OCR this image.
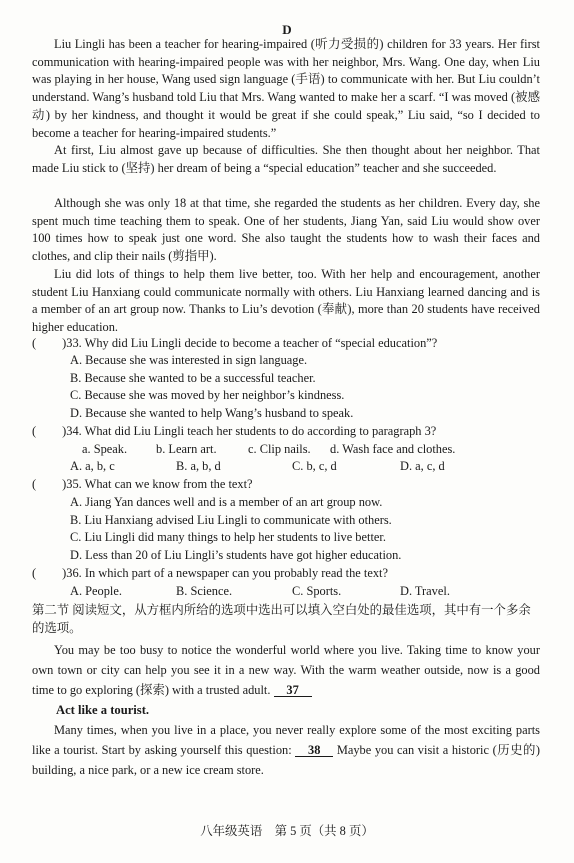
D

Liu Lingli has been a teacher for hearing-impaired (听力受损的) children for 33 years. Her first communication with hearing-impaired people was with her neighbor, Mrs. Wang. One day, when Liu was playing in her house, Wang used sign language (手语) to communicate with her. But Liu couldn’t understand. Wang’s husband told Liu that Mrs. Wang wanted to make her a scarf. “I was moved (被感动) by her kindness, and thought it would be great if she could speak,” Liu said, “so I decided to become a teacher for hearing-impaired students.”

At first, Liu almost gave up because of difficulties. She then thought about her neighbor. That made Liu stick to (坚持) her dream of being a “special education” teacher and she succeeded.

Although she was only 18 at that time, she regarded the students as her children. Every day, she spent much time teaching them to speak. One of her students, Jiang Yan, said Liu would show over 100 times how to speak just one word. She also taught the students how to wash their faces and clothes, and clip their nails (剪指甲).

Liu did lots of things to help them live better, too. With her help and encouragement, another student Liu Hanxiang could communicate normally with others. Liu Hanxiang learned dancing and is a member of an art group now. Thanks to Liu’s devotion (奉献), more than 20 students have received higher education.

( )33. Why did Liu Lingli decide to become a teacher of “special education”?
A. Because she was interested in sign language.
B. Because she wanted to be a successful teacher.
C. Because she was moved by her neighbor’s kindness.
D. Because she wanted to help Wang’s husband to speak.
( )34. What did Liu Lingli teach her students to do according to paragraph 3?
a. Speak. b. Learn art.	c. Clip nails. d. Wash face and clothes.
A. a, b, c	B. a, b, d	C. b, c, d	D. a, c, d
( )35. What can we know from the text?
A. Jiang Yan dances well and is a member of an art group now.
B. Liu Hanxiang advised Liu Lingli to communicate with others.
C. Liu Lingli did many things to help her students to live better.
D. Less than 20 of Liu Lingli’s students have got higher education.
( )36. In which part of a newspaper can you probably read the text?
A. People.	B. Science.	C. Sports.	D. Travel.

第二节 阅读短文，从方框内所给的选项中选出可以填入空白处的最佳选项，其中有一个多余的选项。

You may be too busy to notice the wonderful world where you live. Taking time to know your own town or city can help you see it in a new way. With the warm weather outside, now is a good time to go exploring (探索) with a trusted adult. 37

Act like a tourist.

Many times, when you live in a place, you never really explore some of the most exciting parts like a tourist. Start by asking yourself this question: 38 Maybe you can visit a historic (历史的) building, a nice park, or a new ice cream store.

八年级英语　第 5 页（共 8 页）
